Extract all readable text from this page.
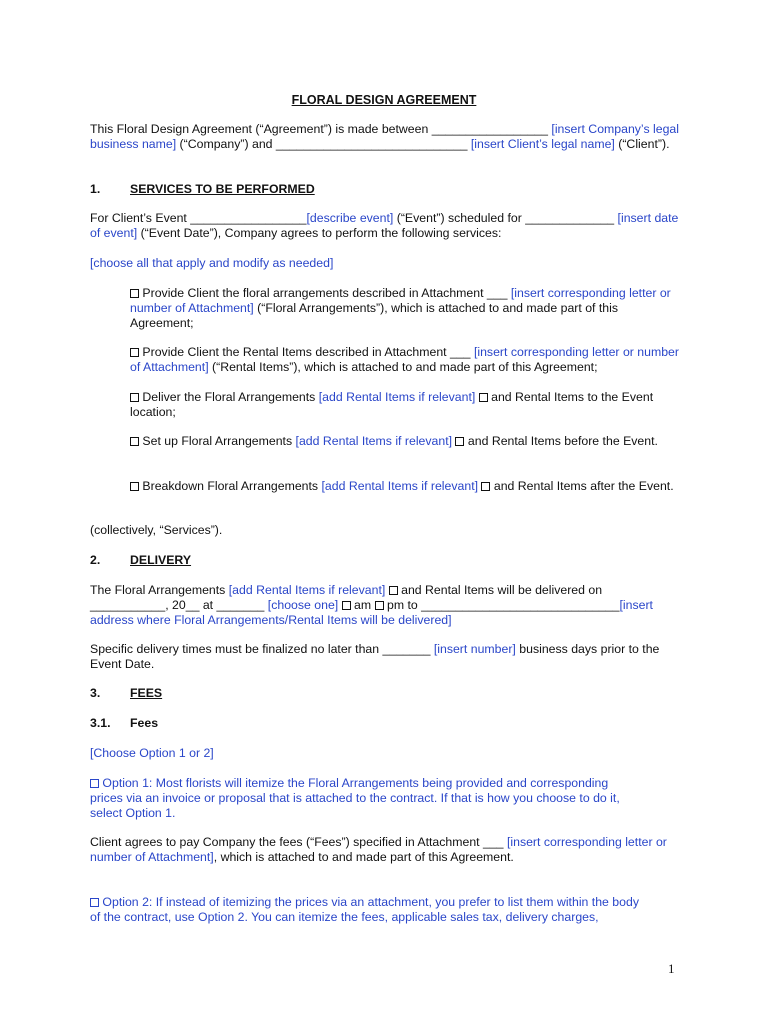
FLORAL DESIGN AGREEMENT
This Floral Design Agreement (“Agreement”) is made between _________________ [insert Company’s legal business name] (“Company”) and ____________________________ [insert Client’s legal name] (“Client”).
1. SERVICES TO BE PERFORMED
For Client’s Event _________________[describe event] (“Event”) scheduled for _____________ [insert date of event] (“Event Date”), Company agrees to perform the following services:
[choose all that apply and modify as needed]
Provide Client the floral arrangements described in Attachment ___ [insert corresponding letter or number of Attachment] (“Floral Arrangements”), which is attached to and made part of this Agreement;
Provide Client the Rental Items described in Attachment ___ [insert corresponding letter or number of Attachment] (“Rental Items”), which is attached to and made part of this Agreement;
Deliver the Floral Arrangements [add Rental Items if relevant]  and Rental Items to the Event location;
Set up Floral Arrangements [add Rental Items if relevant]  and Rental Items before the Event.
Breakdown Floral Arrangements [add Rental Items if relevant]  and Rental Items after the Event.
(collectively, “Services”).
2. DELIVERY
The Floral Arrangements [add Rental Items if relevant]  and Rental Items will be delivered on ___________, 20__ at _______ [choose one]  am  pm to _____________________________[insert address where Floral Arrangements/Rental Items will be delivered]
Specific delivery times must be finalized no later than _______ [insert number] business days prior to the Event Date.
3. FEES
3.1. Fees
[Choose Option 1 or 2]
Option 1: Most florists will itemize the Floral Arrangements being provided and corresponding prices via an invoice or proposal that is attached to the contract. If that is how you choose to do it, select Option 1.
Client agrees to pay Company the fees (“Fees”) specified in Attachment ___ [insert corresponding letter or number of Attachment], which is attached to and made part of this Agreement.
Option 2: If instead of itemizing the prices via an attachment, you prefer to list them within the body of the contract, use Option 2. You can itemize the fees, applicable sales tax, delivery charges,
1
